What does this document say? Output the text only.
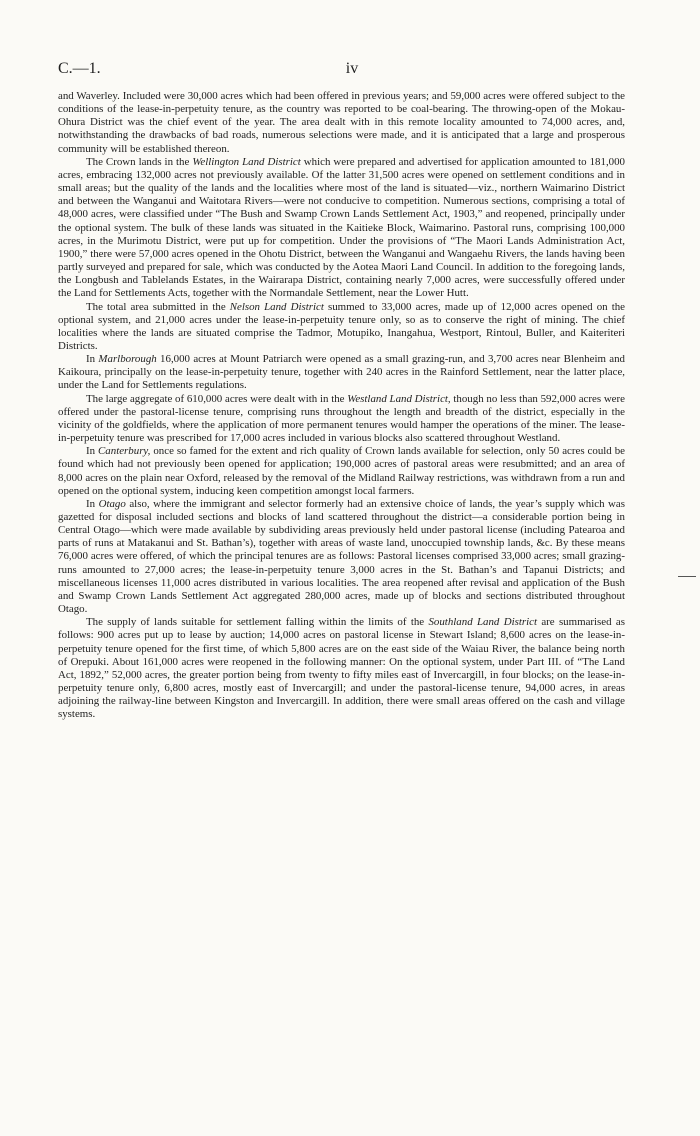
C.—1.	iv

and Waverley. Included were 30,000 acres which had been offered in previous years; and 59,000 acres were offered subject to the conditions of the lease-in-perpetuity tenure, as the country was reported to be coal-bearing. The throwing-open of the Mokau-Ohura District was the chief event of the year. The area dealt with in this remote locality amounted to 74,000 acres, and, notwithstanding the drawbacks of bad roads, numerous selections were made, and it is anticipated that a large and prosperous community will be established thereon.

The Crown lands in the Wellington Land District which were prepared and advertised for application amounted to 181,000 acres, embracing 132,000 acres not previously available. Of the latter 31,500 acres were opened on settlement conditions and in small areas; but the quality of the lands and the localities where most of the land is situated—viz., northern Waimarino District and between the Wanganui and Waitotara Rivers—were not conducive to competition. Numerous sections, comprising a total of 48,000 acres, were classified under “The Bush and Swamp Crown Lands Settlement Act, 1903,” and reopened, principally under the optional system. The bulk of these lands was situated in the Kaitieke Block, Waimarino. Pastoral runs, comprising 100,000 acres, in the Murimotu District, were put up for competition. Under the provisions of “The Maori Lands Administration Act, 1900,” there were 57,000 acres opened in the Ohotu District, between the Wanganui and Wangaehu Rivers, the lands having been partly surveyed and prepared for sale, which was conducted by the Aotea Maori Land Council. In addition to the foregoing lands, the Longbush and Tablelands Estates, in the Wairarapa District, containing nearly 7,000 acres, were successfully offered under the Land for Settlements Acts, together with the Normandale Settlement, near the Lower Hutt.

The total area submitted in the Nelson Land District summed to 33,000 acres, made up of 12,000 acres opened on the optional system, and 21,000 acres under the lease-in-perpetuity tenure only, so as to conserve the right of mining. The chief localities where the lands are situated comprise the Tadmor, Motupiko, Inangahua, Westport, Rintoul, Buller, and Kaiteriteri Districts.

In Marlborough 16,000 acres at Mount Patriarch were opened as a small grazing-run, and 3,700 acres near Blenheim and Kaikoura, principally on the lease-in-perpetuity tenure, together with 240 acres in the Rainford Settlement, near the latter place, under the Land for Settlements regulations.

The large aggregate of 610,000 acres were dealt with in the Westland Land District, though no less than 592,000 acres were offered under the pastoral-license tenure, comprising runs throughout the length and breadth of the district, especially in the vicinity of the goldfields, where the application of more permanent tenures would hamper the operations of the miner. The lease-in-perpetuity tenure was prescribed for 17,000 acres included in various blocks also scattered throughout Westland.

In Canterbury, once so famed for the extent and rich quality of Crown lands available for selection, only 50 acres could be found which had not previously been opened for application; 190,000 acres of pastoral areas were resubmitted; and an area of 8,000 acres on the plain near Oxford, released by the removal of the Midland Railway restrictions, was withdrawn from a run and opened on the optional system, inducing keen competition amongst local farmers.

In Otago also, where the immigrant and selector formerly had an extensive choice of lands, the year’s supply which was gazetted for disposal included sections and blocks of land scattered throughout the district—a considerable portion being in Central Otago—which were made available by subdividing areas previously held under pastoral license (including Patearoa and parts of runs at Matakanui and St. Bathan’s), together with areas of waste land, unoccupied township lands, &c. By these means 76,000 acres were offered, of which the principal tenures are as follows: Pastoral licenses comprised 33,000 acres; small grazing-runs amounted to 27,000 acres; the lease-in-perpetuity tenure 3,000 acres in the St. Bathan’s and Tapanui Districts; and miscellaneous licenses 11,000 acres distributed in various localities. The area reopened after revisal and application of the Bush and Swamp Crown Lands Settlement Act aggregated 280,000 acres, made up of blocks and sections distributed throughout Otago.

The supply of lands suitable for settlement falling within the limits of the Southland Land District are summarised as follows: 900 acres put up to lease by auction; 14,000 acres on pastoral license in Stewart Island; 8,600 acres on the lease-in-perpetuity tenure opened for the first time, of which 5,800 acres are on the east side of the Waiau River, the balance being north of Orepuki. About 161,000 acres were reopened in the following manner: On the optional system, under Part III. of “The Land Act, 1892,” 52,000 acres, the greater portion being from twenty to fifty miles east of Invercargill, in four blocks; on the lease-in-perpetuity tenure only, 6,800 acres, mostly east of Invercargill; and under the pastoral-license tenure, 94,000 acres, in areas adjoining the railway-line between Kingston and Invercargill. In addition, there were small areas offered on the cash and village systems.
